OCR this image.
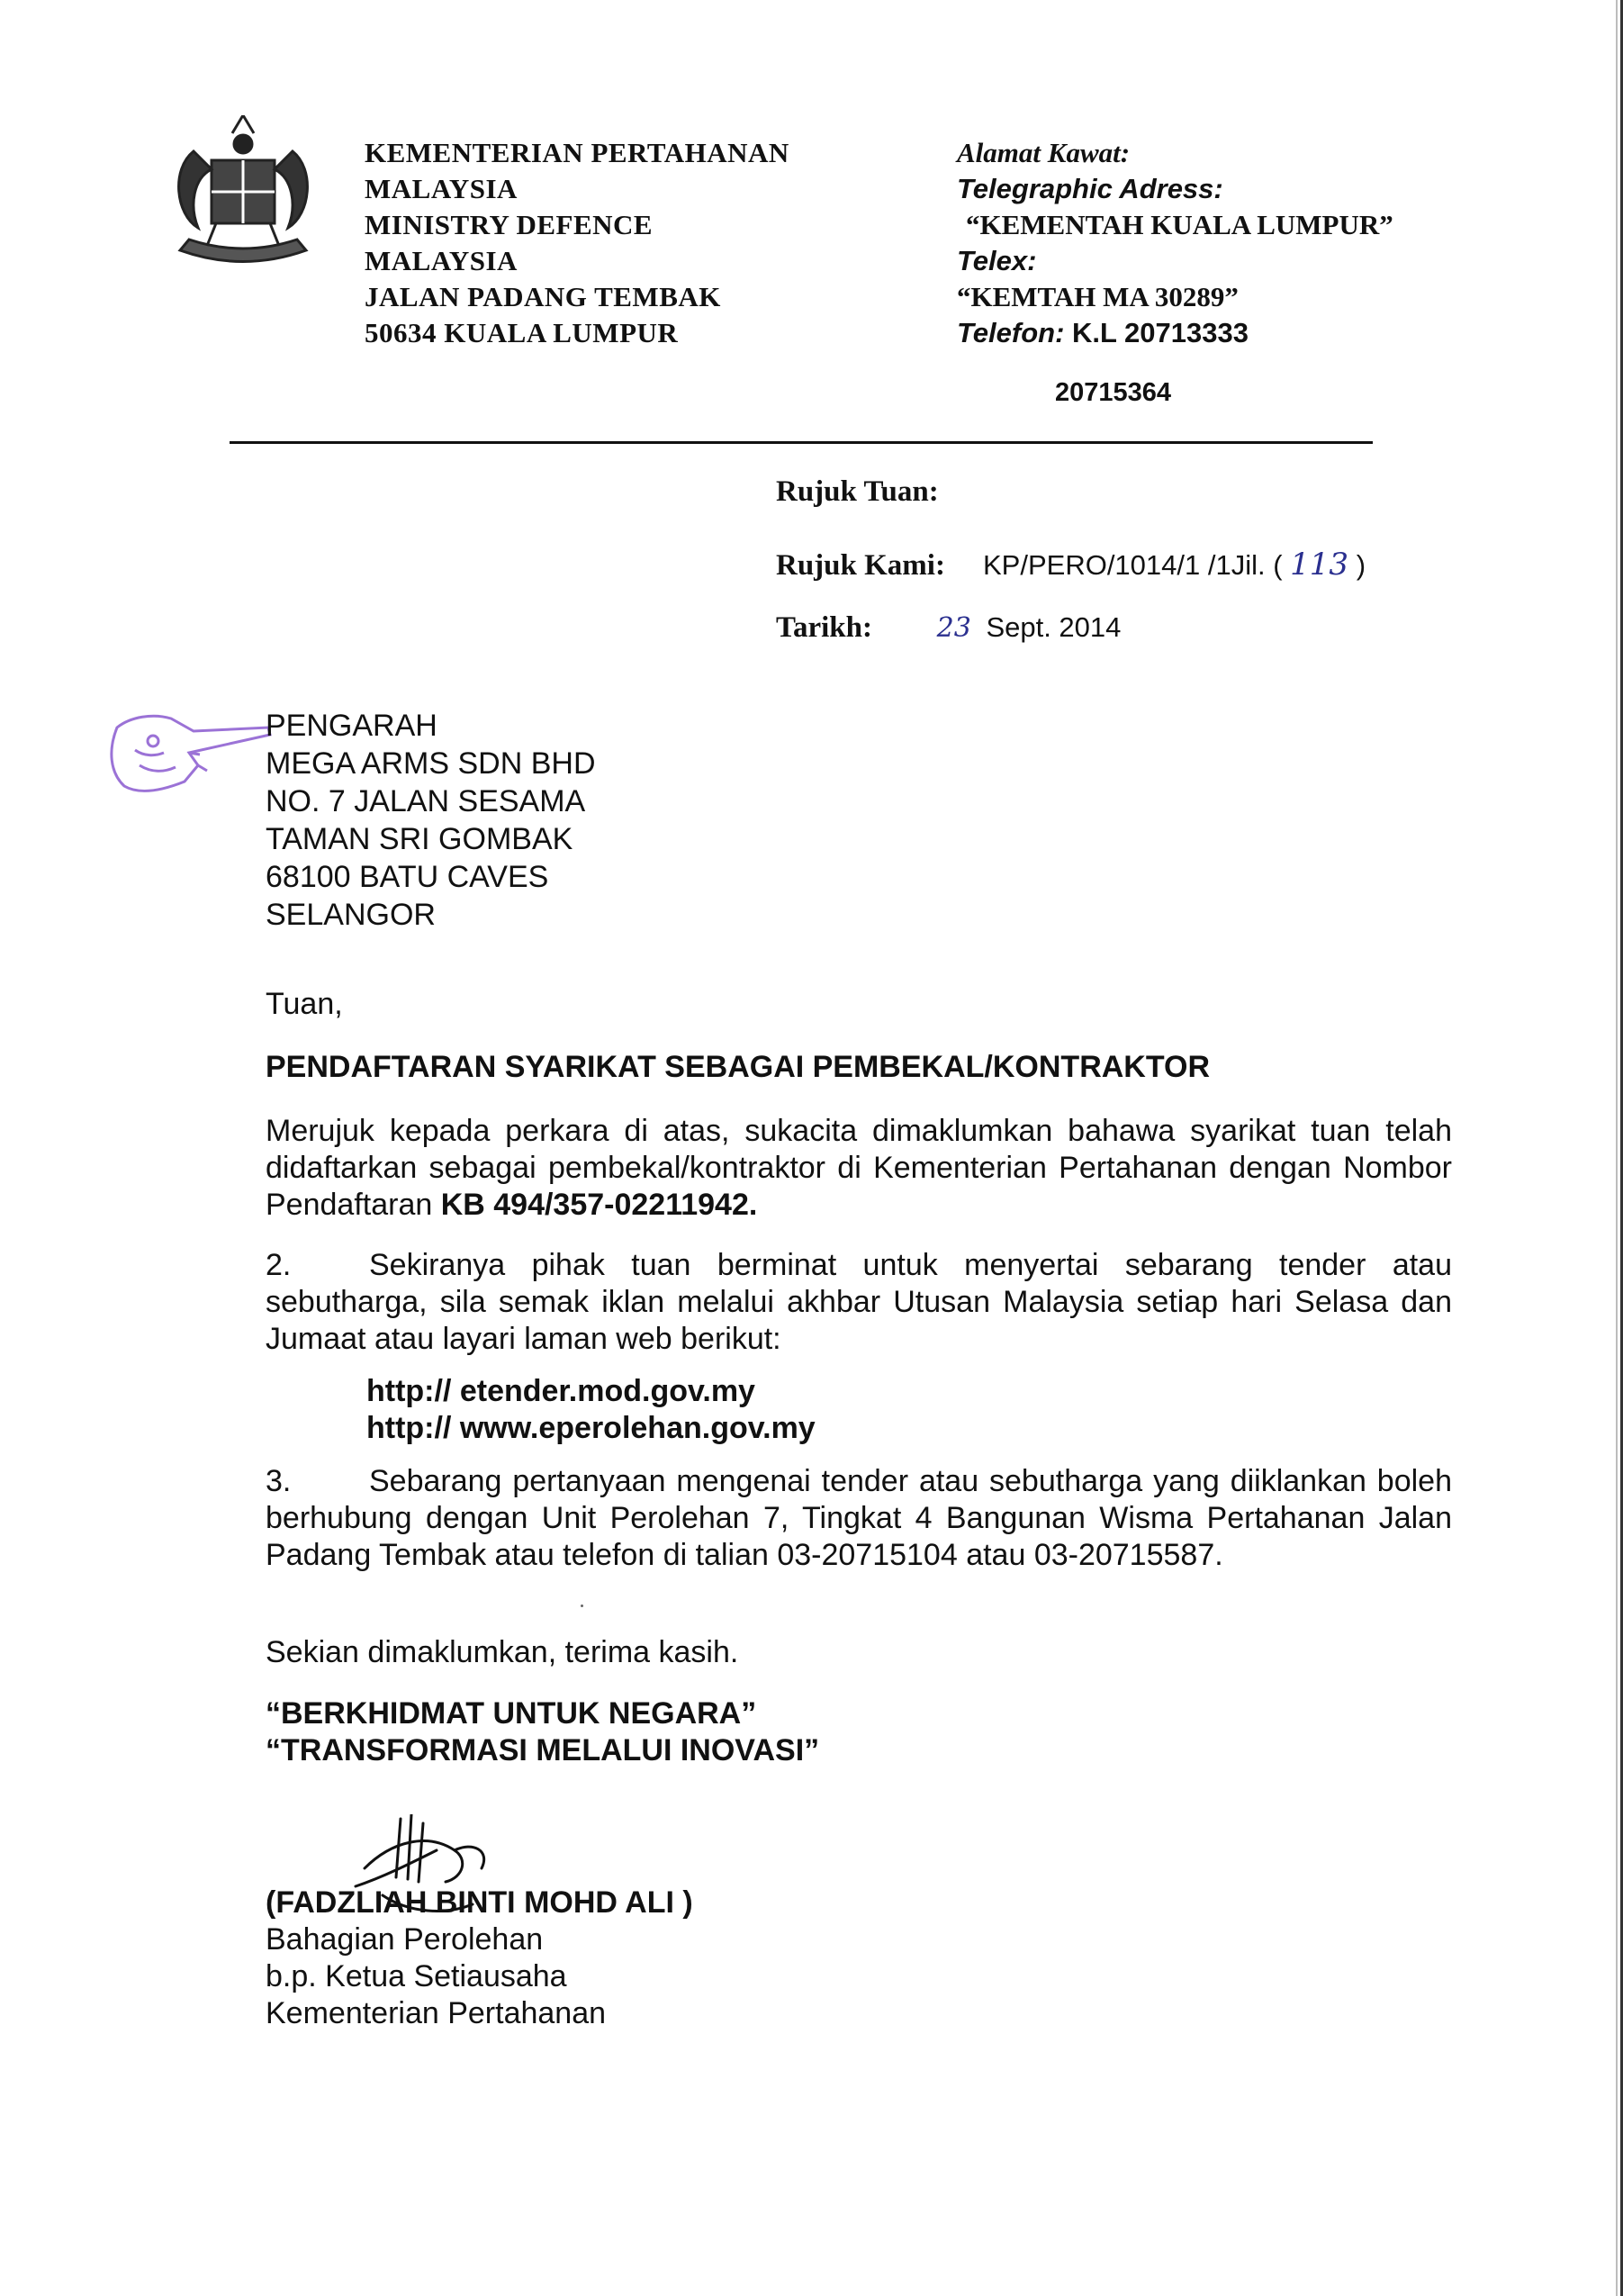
KEMENTERIAN PERTAHANAN
MALAYSIA
MINISTRY DEFENCE
MALAYSIA
JALAN PADANG TEMBAK
50634 KUALA LUMPUR
Alamat Kawat:
Telegraphic Adress:
“KEMENTAH KUALA LUMPUR”
Telex:
“KEMTAH MA 30289”
Telefon: K.L 20713333
20715364
Rujuk Tuan:
Rujuk Kami: KP/PERO/1014/1 /1Jil. ( 113 )
Tarikh: 23 Sept. 2014
PENGARAH
MEGA ARMS SDN BHD
NO. 7 JALAN SESAMA
TAMAN SRI GOMBAK
68100 BATU CAVES
SELANGOR
Tuan,
PENDAFTARAN SYARIKAT SEBAGAI PEMBEKAL/KONTRAKTOR
Merujuk kepada perkara di atas, sukacita dimaklumkan bahawa syarikat tuan telah didaftarkan sebagai pembekal/kontraktor di Kementerian Pertahanan dengan Nombor Pendaftaran KB 494/357-02211942.
2.	Sekiranya pihak tuan berminat untuk menyertai sebarang tender atau sebutharga, sila semak iklan melalui akhbar Utusan Malaysia setiap hari Selasa dan Jumaat atau layari laman web berikut:
http:// etender.mod.gov.my
http:// www.eperolehan.gov.my
3.	Sebarang pertanyaan mengenai tender atau sebutharga yang diiklankan boleh berhubung dengan Unit Perolehan 7, Tingkat 4 Bangunan Wisma Pertahanan Jalan Padang Tembak atau telefon di talian 03-20715104 atau 03-20715587.
Sekian dimaklumkan, terima kasih.
“BERKHIDMAT UNTUK NEGARA”
“TRANSFORMASI MELALUI INOVASI”
(FADZLIAH BINTI MOHD ALI )
Bahagian Perolehan
b.p. Ketua Setiausaha
Kementerian Pertahanan
